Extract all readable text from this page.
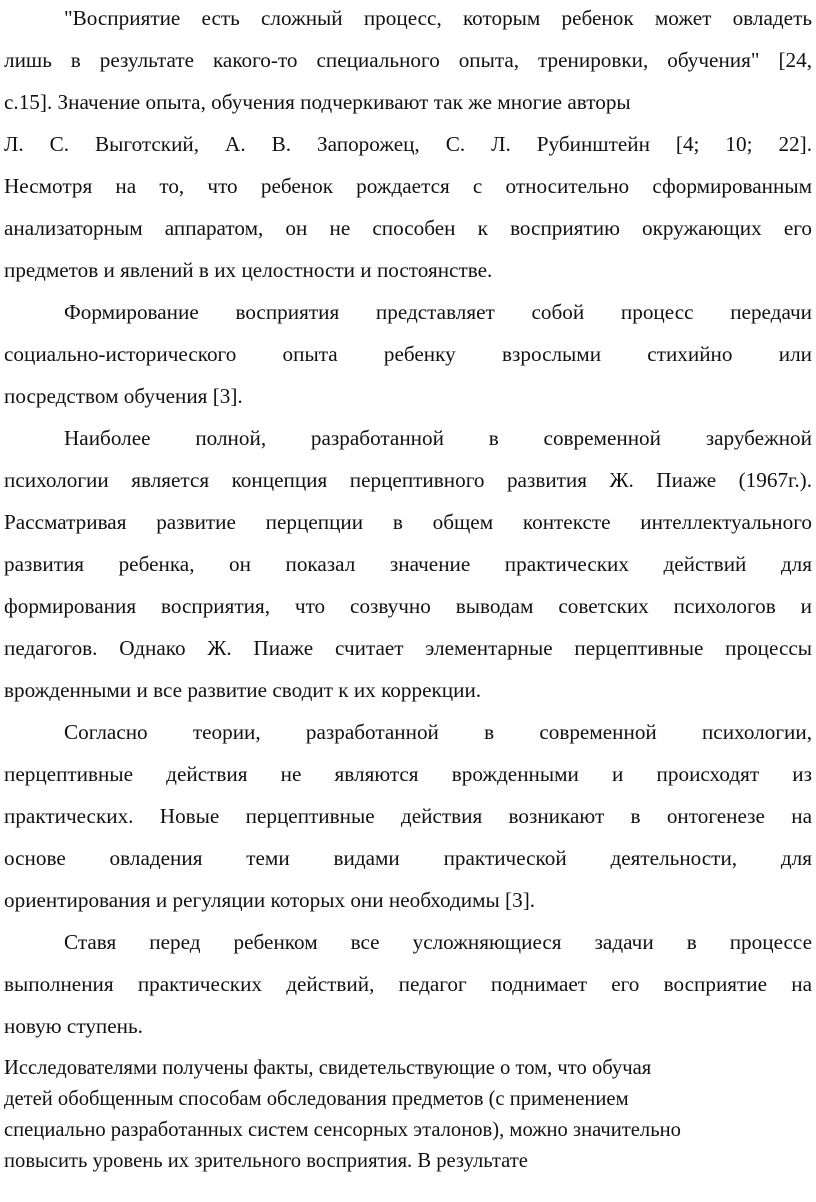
"Восприятие есть сложный процесс, которым ребенок может овладеть
лишь в результате какого-то специального опыта, тренировки, обучения" [24,
с.15]. Значение опыта, обучения подчеркивают так же многие авторы
Л. С. Выготский, А. В. Запорожец, С. Л. Рубинштейн [4; 10; 22].
Несмотря на то, что ребенок рождается с относительно сформированным
анализаторным аппаратом, он не способен к восприятию окружающих его
предметов и явлений в их целостности и постоянстве.
Формирование восприятия представляет собой процесс передачи
социально-исторического опыта ребенку взрослыми стихийно или
посредством обучения [3].
Наиболее полной, разработанной в современной зарубежной
психологии является концепция перцептивного развития Ж. Пиаже (1967г.).
Рассматривая развитие перцепции в общем контексте интеллектуального
развития ребенка, он показал значение практических действий для
формирования восприятия, что созвучно выводам советских психологов и
педагогов. Однако Ж. Пиаже считает элементарные перцептивные процессы
врожденными и все развитие сводит к их коррекции.
Согласно теории, разработанной в современной психологии,
перцептивные действия не являются врожденными и происходят из
практических. Новые перцептивные действия возникают в онтогенезе на
основе овладения теми видами практической деятельности, для
ориентирования и регуляции которых они необходимы [3].
Ставя перед ребенком все усложняющиеся задачи в процессе
выполнения практических действий, педагог поднимает его восприятие на
новую ступень.
Исследователями получены факты, свидетельствующие о том, что обучая
детей обобщенным способам обследования предметов (с применением
специально разработанных систем сенсорных эталонов), можно значительно
повысить уровень их зрительного восприятия. В результате
